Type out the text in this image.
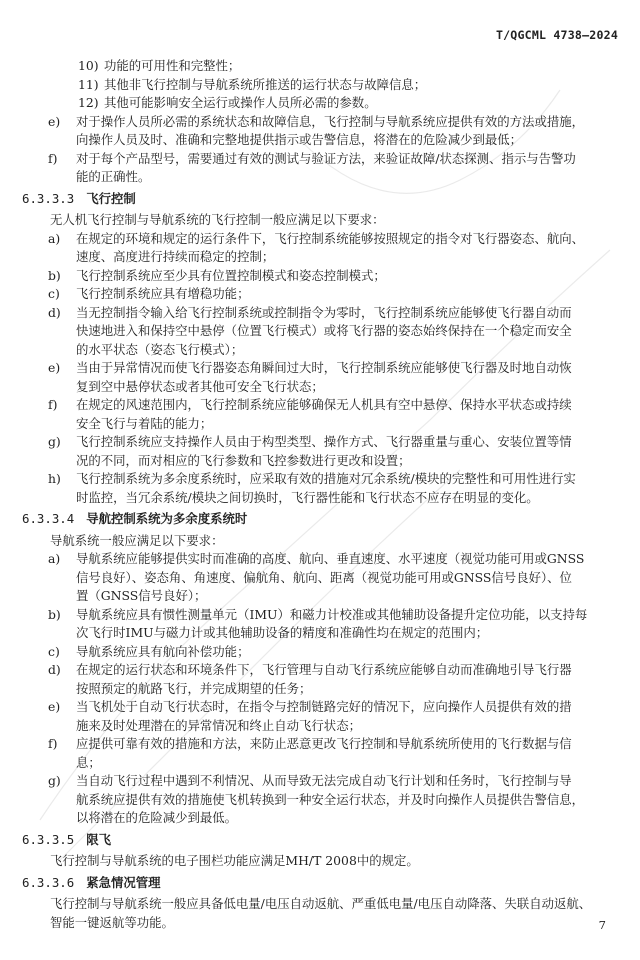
T/QGCML 4738—2024
10) 功能的可用性和完整性；
11) 其他非飞行控制与导航系统所推送的运行状态与故障信息；
12) 其他可能影响安全运行或操作人员所必需的参数。
e) 对于操作人员所必需的系统状态和故障信息，飞行控制与导航系统应提供有效的方法或措施，
向操作人员及时、准确和完整地提供指示或告警信息，将潜在的危险减少到最低；
f) 对于每个产品型号，需要通过有效的测试与验证方法，来验证故障/状态探测、指示与告警功
能的正确性。
6.3.3.3 飞行控制
无人机飞行控制与导航系统的飞行控制一般应满足以下要求：
a) 在规定的环境和规定的运行条件下，飞行控制系统能够按照规定的指令对飞行器姿态、航向、
速度、高度进行持续而稳定的控制；
b) 飞行控制系统应至少具有位置控制模式和姿态控制模式；
c) 飞行控制系统应具有增稳功能；
d) 当无控制指令输入给飞行控制系统或控制指令为零时，飞行控制系统应能够使飞行器自动而
快速地进入和保持空中悬停（位置飞行模式）或将飞行器的姿态始终保持在一个稳定而安全
的水平状态（姿态飞行模式）；
e) 当由于异常情况而使飞行器姿态角瞬间过大时，飞行控制系统应能够使飞行器及时地自动恢
复到空中悬停状态或者其他可安全飞行状态；
f) 在规定的风速范围内，飞行控制系统应能够确保无人机具有空中悬停、保持水平状态或持续
安全飞行与着陆的能力；
g) 飞行控制系统应支持操作人员由于构型类型、操作方式、飞行器重量与重心、安装位置等情
况的不同，而对相应的飞行参数和飞控参数进行更改和设置；
h) 飞行控制系统为多余度系统时，应采取有效的措施对冗余系统/模块的完整性和可用性进行实
时监控，当冗余系统/模块之间切换时，飞行器性能和飞行状态不应存在明显的变化。
6.3.3.4 导航控制系统为多余度系统时
导航系统一般应满足以下要求：
a) 导航系统应能够提供实时而准确的高度、航向、垂直速度、水平速度（视觉功能可用或GNSS
信号良好）、姿态角、角速度、偏航角、航向、距离（视觉功能可用或GNSS信号良好）、位
置（GNSS信号良好）；
b) 导航系统应具有惯性测量单元（IMU）和磁力计校准或其他辅助设备提升定位功能，以支持每
次飞行时IMU与磁力计或其他辅助设备的精度和准确性均在规定的范围内；
c) 导航系统应具有航向补偿功能；
d) 在规定的运行状态和环境条件下，飞行管理与自动飞行系统应能够自动而准确地引导飞行器
按照预定的航路飞行，并完成期望的任务；
e) 当飞机处于自动飞行状态时，在指令与控制链路完好的情况下，应向操作人员提供有效的措
施来及时处理潜在的异常情况和终止自动飞行状态；
f) 应提供可靠有效的措施和方法，来防止恶意更改飞行控制和导航系统所使用的飞行数据与信
息；
g) 当自动飞行过程中遇到不利情况、从而导致无法完成自动飞行计划和任务时，飞行控制与导
航系统应提供有效的措施使飞机转换到一种安全运行状态，并及时向操作人员提供告警信息，
以将潜在的危险减少到最低。
6.3.3.5 限飞
飞行控制与导航系统的电子围栏功能应满足MH/T 2008中的规定。
6.3.3.6 紧急情况管理
飞行控制与导航系统一般应具备低电量/电压自动返航、严重低电量/电压自动降落、失联自动返航、
智能一键返航等功能。	7
